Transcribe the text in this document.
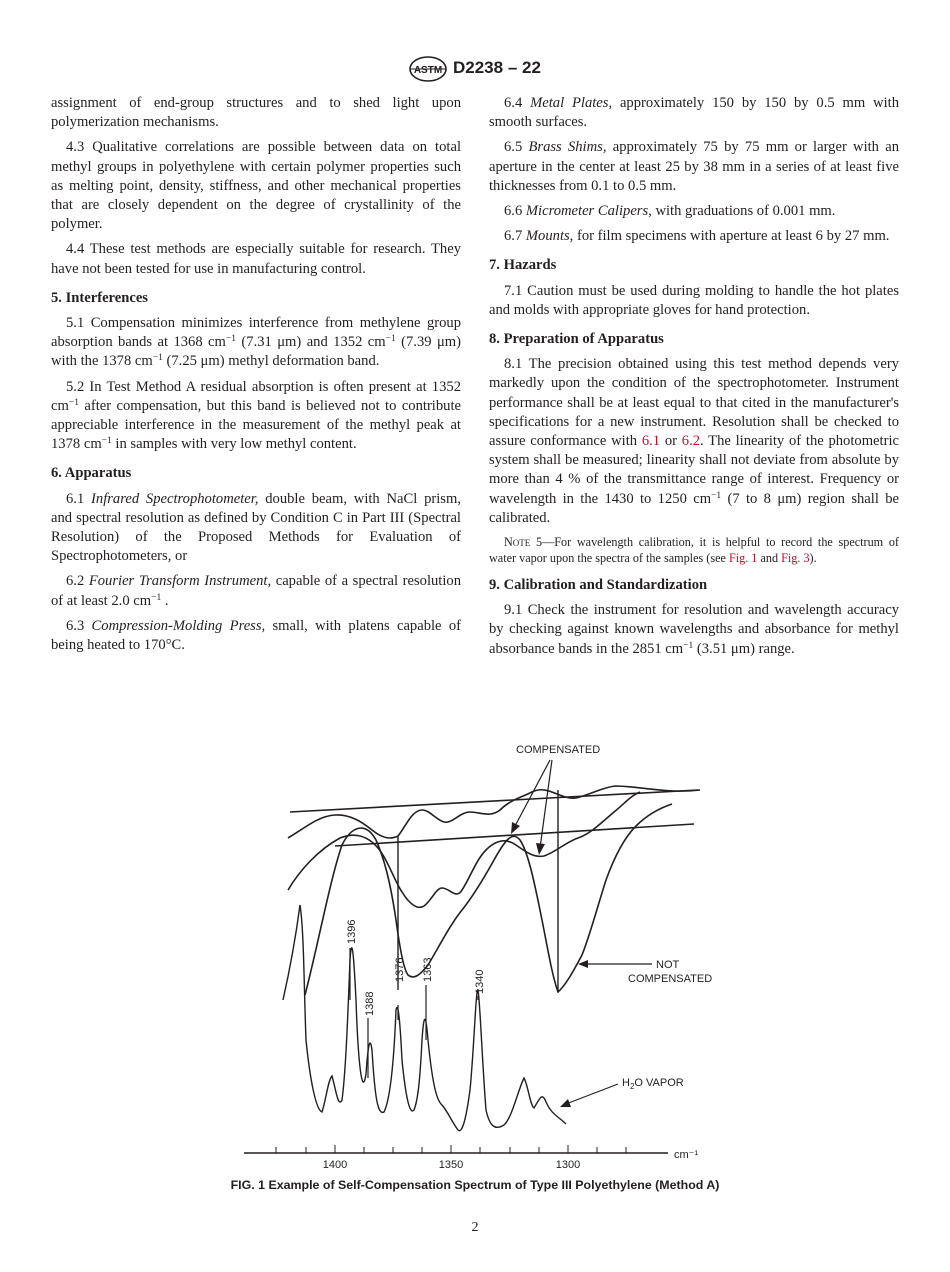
ASTM D2238 – 22

assignment of end-group structures and to shed light upon polymerization mechanisms.

4.3 Qualitative correlations are possible between data on total methyl groups in polyethylene with certain polymer properties such as melting point, density, stiffness, and other mechanical properties that are closely dependent on the degree of crystallinity of the polymer.

4.4 These test methods are especially suitable for research. They have not been tested for use in manufacturing control.

5. Interferences

5.1 Compensation minimizes interference from methylene group absorption bands at 1368 $cm^{-1}$ (7.31 μm) and 1352 $cm^{-1}$ (7.39 μm) with the 1378 $cm^{-1}$ (7.25 μm) methyl deformation band.

5.2 In Test Method A residual absorption is often present at 1352 $cm^{-1}$ after compensation, but this band is believed not to contribute appreciable interference in the measurement of the methyl peak at 1378 $cm^{-1}$ in samples with very low methyl content.

6. Apparatus

6.1 Infrared Spectrophotometer, double beam, with NaCl prism, and spectral resolution as defined by Condition C in Part III (Spectral Resolution) of the Proposed Methods for Evaluation of Spectrophotometers, or

6.2 Fourier Transform Instrument, capable of a spectral resolution of at least 2.0 $cm^{-1}$ .

6.3 Compression-Molding Press, small, with platens capable of being heated to 170°C.

6.4 Metal Plates, approximately 150 by 150 by 0.5 mm with smooth surfaces.

6.5 Brass Shims, approximately 75 by 75 mm or larger with an aperture in the center at least 25 by 38 mm in a series of at least five thicknesses from 0.1 to 0.5 mm.

6.6 Micrometer Calipers, with graduations of 0.001 mm.

6.7 Mounts, for film specimens with aperture at least 6 by 27 mm.

7. Hazards

7.1 Caution must be used during molding to handle the hot plates and molds with appropriate gloves for hand protection.

8. Preparation of Apparatus

8.1 The precision obtained using this test method depends very markedly upon the condition of the spectrophotometer. Instrument performance shall be at least equal to that cited in the manufacturer's specifications for a new instrument. Resolution shall be checked to assure conformance with 6.1 or 6.2. The linearity of the photometric system shall be measured; linearity shall not deviate from absolute by more than 4 % of the transmittance range of interest. Frequency or wavelength in the 1430 to 1250 $cm^{-1}$ (7 to 8 μm) region shall be calibrated.

Note 5—For wavelength calibration, it is helpful to record the spectrum of water vapor upon the spectra of the samples (see Fig. 1 and Fig. 3).

9. Calibration and Standardization

9.1 Check the instrument for resolution and wavelength accuracy by checking against known wavelengths and absorbance for methyl absorbance bands in the 2851 $cm^{-1}$ (3.51 μm) range.

1396
1388
1376 1363	1340
COMPENSATED
NOT
COMPENSATED
$H_2O$ VAPOR
1400	1350	1300
cm⁻¹
FIG. 1 Example of Self-Compensation Spectrum of Type III Polyethylene (Method A)
2
